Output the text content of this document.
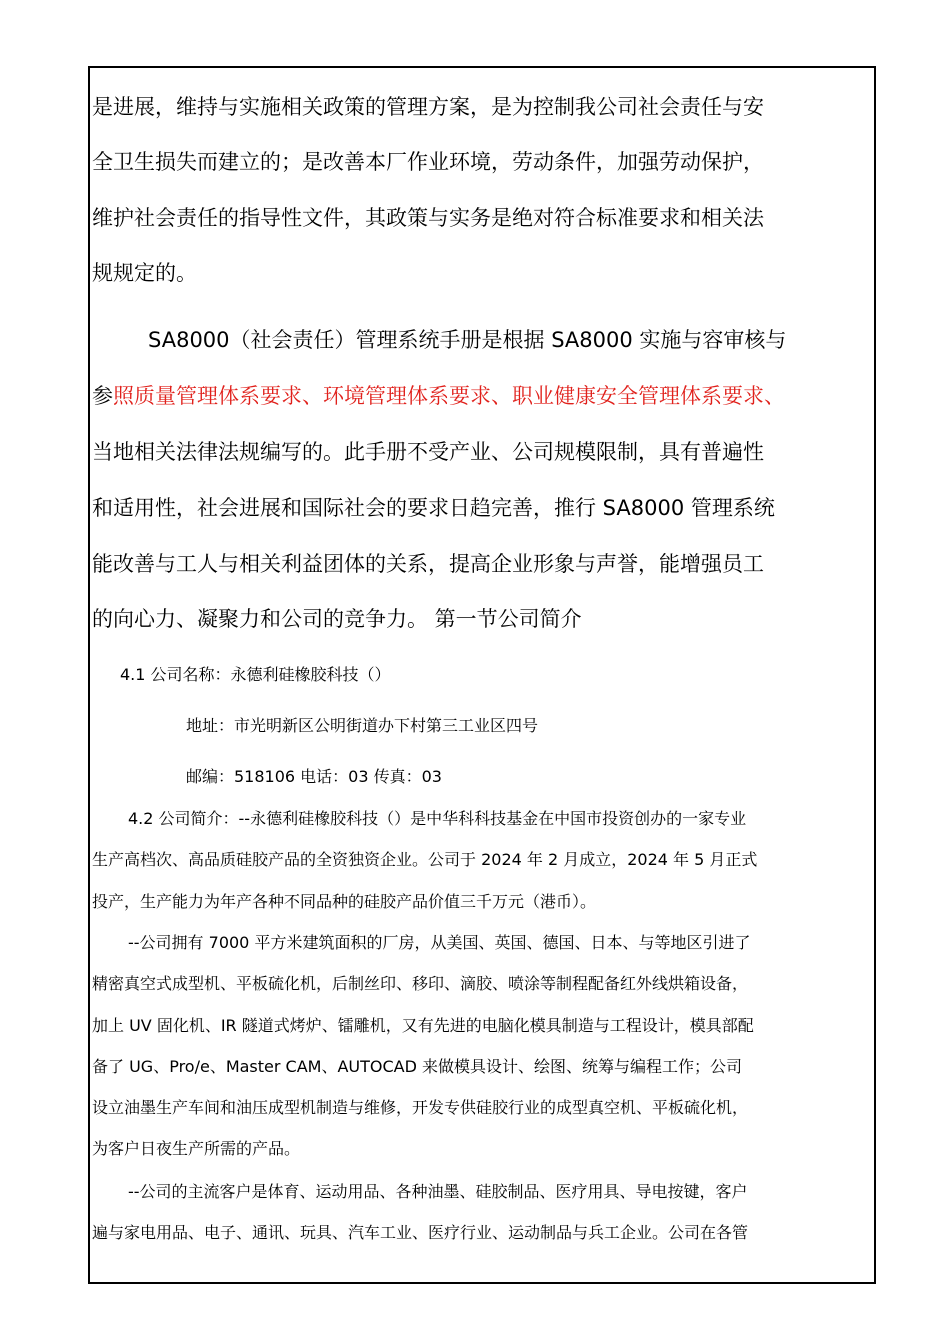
是进展，维持与实施相关政策的管理方案，是为控制我公司社会责任与安
全卫生损失而建立的；是改善本厂作业环境，劳动条件，加强劳动保护，
维护社会责任的指导性文件，其政策与实务是绝对符合标准要求和相关法
规规定的。
SA8000（社会责任）管理系统手册是根据 SA8000 实施与容审核与
参照质量管理体系要求、环境管理体系要求、职业健康安全管理体系要求、
当地相关法律法规编写的。此手册不受产业、公司规模限制，具有普遍性
和适用性，社会进展和国际社会的要求日趋完善，推行 SA8000 管理系统
能改善与工人与相关利益团体的关系，提高企业形象与声誉，能增强员工
的向心力、凝聚力和公司的竞争力。 第一节公司简介
4.1 公司名称：永德利硅橡胶科技（）
地址：市光明新区公明街道办下村第三工业区四号
邮编：518106 电话：03 传真：03
4.2 公司简介：--永德利硅橡胶科技（）是中华科科技基金在中国市投资创办的一家专业
生产高档次、高品质硅胶产品的全资独资企业。公司于 2024 年 2 月成立，2024 年 5 月正式
投产，生产能力为年产各种不同品种的硅胶产品价值三千万元（港币）。
--公司拥有 7000 平方米建筑面积的厂房，从美国、英国、德国、日本、与等地区引进了
精密真空式成型机、平板硫化机，后制丝印、移印、滴胶、喷涂等制程配备红外线烘箱设备，
加上 UV 固化机、IR 隧道式烤炉、镭雕机，又有先进的电脑化模具制造与工程设计，模具部配
备了 UG、Pro/e、Master CAM、AUTOCAD 来做模具设计、绘图、统筹与编程工作；公司
设立油墨生产车间和油压成型机制造与维修，开发专供硅胶行业的成型真空机、平板硫化机，
为客户日夜生产所需的产品。
--公司的主流客户是体育、运动用品、各种油墨、硅胶制品、医疗用具、导电按键，客户
遍与家电用品、电子、通讯、玩具、汽车工业、医疗行业、运动制品与兵工企业。公司在各管
